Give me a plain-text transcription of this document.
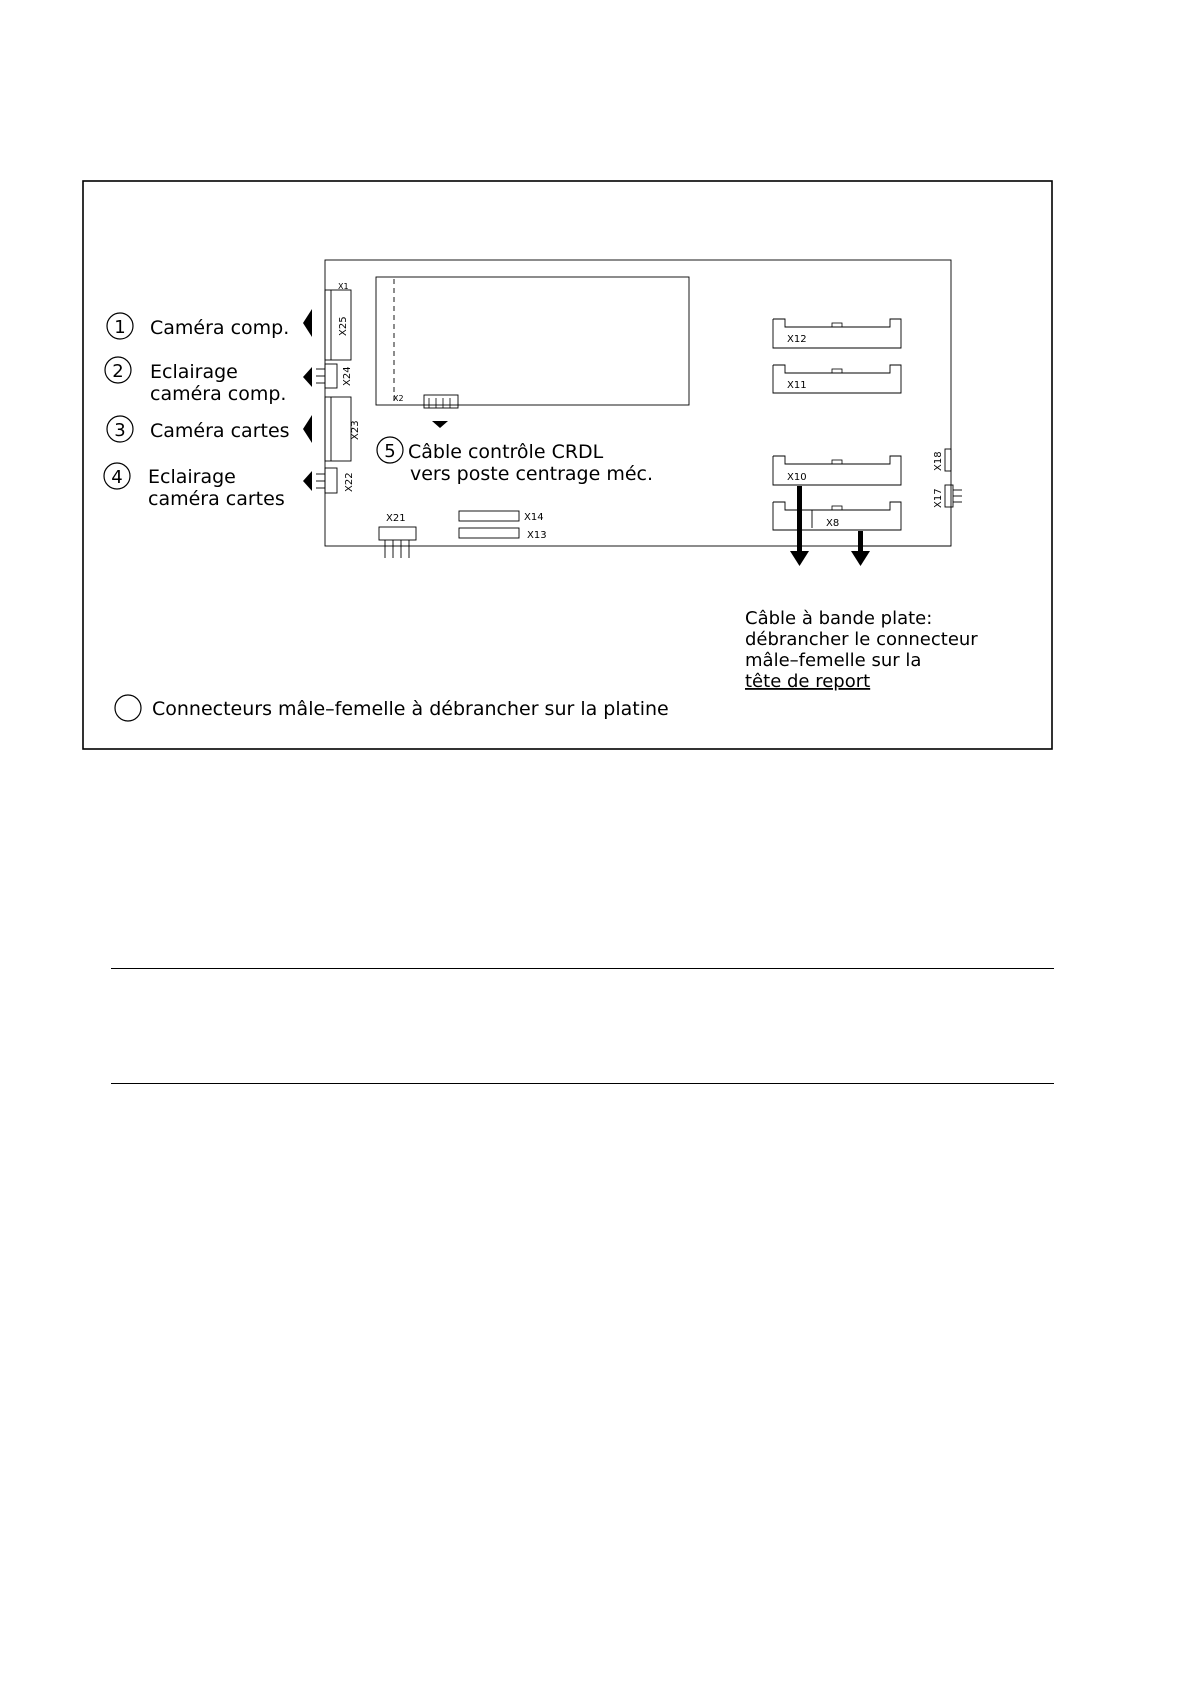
X2
X1
X25
X24
X23
X22
X12
X11
X10
X8
X18
X17
X21	X14
X13
1 Caméra comp.
2 Eclairage
caméra comp.
3 Caméra cartes
4 Eclairage
caméra cartes
5 Câble contrôle CRDL
vers poste centrage méc.
Câble à bande plate:
débrancher le connecteur
mâle–femelle sur la
tête de report
Connecteurs mâle–femelle à débrancher sur la platine
